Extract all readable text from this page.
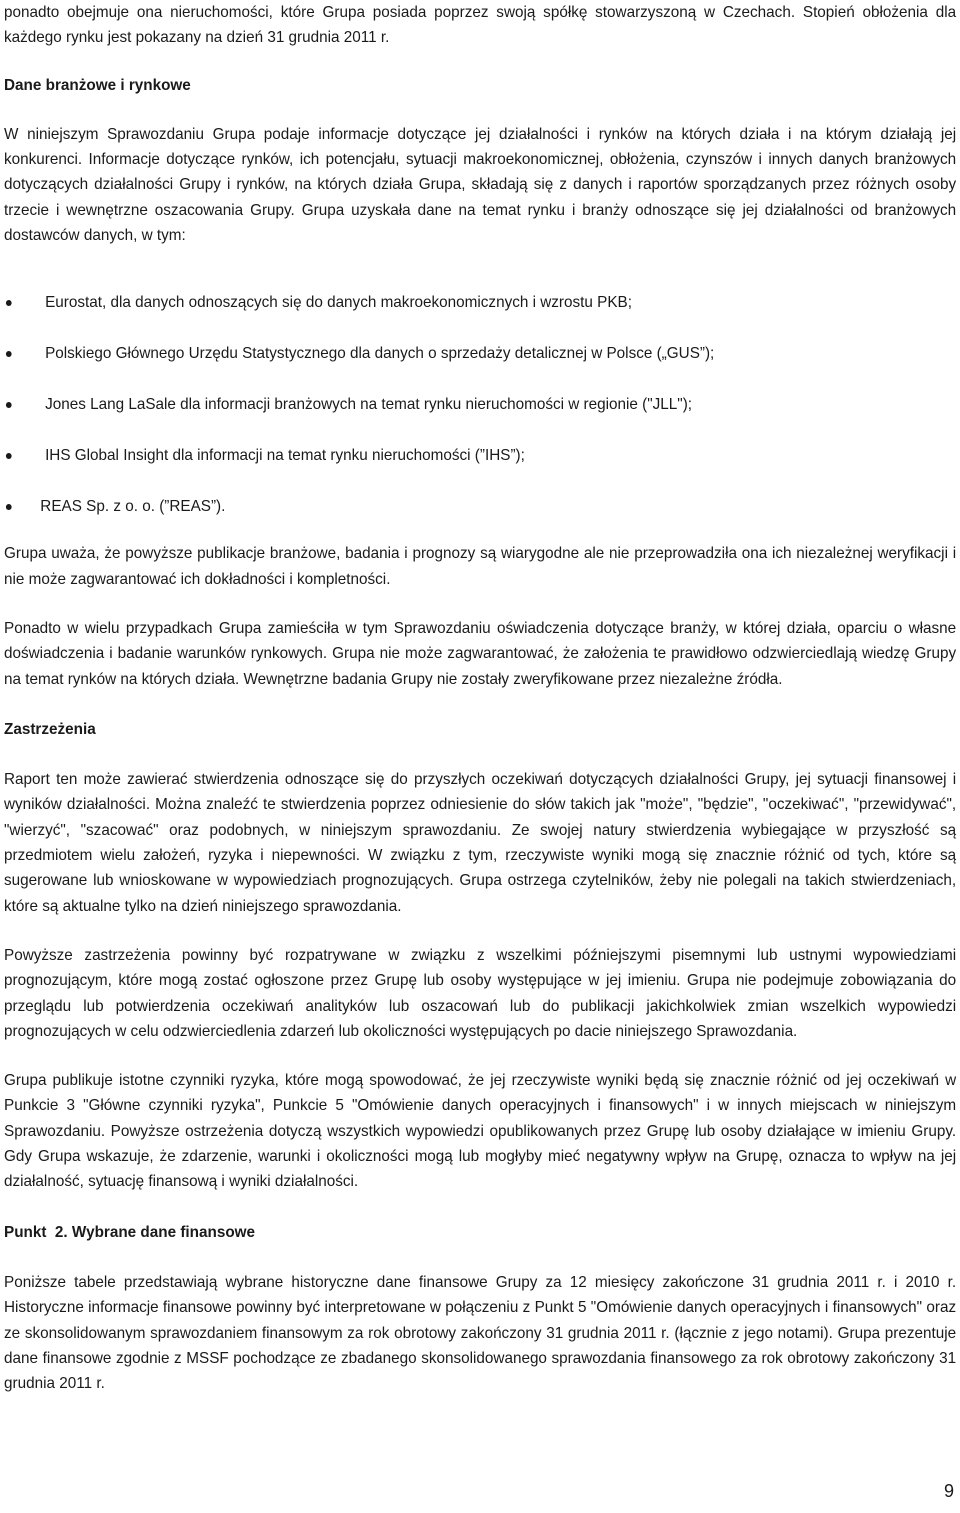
ponadto obejmuje ona nieruchomości, które Grupa posiada poprzez swoją spółkę stowarzyszoną w Czechach. Stopień obłożenia dla każdego rynku jest pokazany na dzień 31 grudnia 2011 r.

Dane branżowe i rynkowe

W niniejszym Sprawozdaniu Grupa podaje informacje dotyczące jej działalności i rynków na których działa i na którym działają jej konkurenci. Informacje dotyczące rynków, ich potencjału, sytuacji makroekonomicznej, obłożenia, czynszów i innych danych branżowych dotyczących działalności Grupy i rynków, na których działa Grupa, składają się z danych i raportów sporządzanych przez różnych osoby trzecie i wewnętrzne oszacowania Grupy. Grupa uzyskała dane na temat rynku i branży odnoszące się jej działalności od branżowych dostawców danych, w tym:

Eurostat, dla danych odnoszących się do danych makroekonomicznych i wzrostu PKB;
Polskiego Głównego Urzędu Statystycznego dla danych o sprzedaży detalicznej w Polsce („GUS”);
Jones Lang LaSale dla informacji branżowych na temat rynku nieruchomości w regionie ("JLL");
IHS Global Insight dla informacji na temat rynku nieruchomości (”IHS”);
REAS Sp. z o. o. (”REAS”).

Grupa uważa, że powyższe publikacje branżowe, badania i prognozy są wiarygodne ale nie przeprowadziła ona ich niezależnej weryfikacji i nie może zagwarantować ich dokładności i kompletności.

Ponadto w wielu przypadkach Grupa zamieściła w tym Sprawozdaniu oświadczenia dotyczące branży, w której działa, oparciu o własne doświadczenia i badanie warunków rynkowych. Grupa nie może zagwarantować, że założenia te prawidłowo odzwierciedlają wiedzę Grupy na temat rynków na których działa. Wewnętrzne badania Grupy nie zostały zweryfikowane przez niezależne źródła.

Zastrzeżenia

Raport ten może zawierać stwierdzenia odnoszące się do przyszłych oczekiwań dotyczących działalności Grupy, jej sytuacji finansowej i wyników działalności. Można znaleźć te stwierdzenia poprzez odniesienie do słów takich jak "może", "będzie", "oczekiwać", "przewidywać", "wierzyć", "szacować" oraz podobnych, w niniejszym sprawozdaniu. Ze swojej natury stwierdzenia wybiegające w przyszłość są przedmiotem wielu założeń, ryzyka i niepewności. W związku z tym, rzeczywiste wyniki mogą się znacznie różnić od tych, które są sugerowane lub wnioskowane w wypowiedziach prognozujących. Grupa ostrzega czytelników, żeby nie polegali na takich stwierdzeniach, które są aktualne tylko na dzień niniejszego sprawozdania.

Powyższe zastrzeżenia powinny być rozpatrywane w związku z wszelkimi późniejszymi pisemnymi lub ustnymi wypowiedziami prognozującym, które mogą zostać ogłoszone przez Grupę lub osoby występujące w jej imieniu. Grupa nie podejmuje zobowiązania do przeglądu lub potwierdzenia oczekiwań analityków lub oszacowań lub do publikacji jakichkolwiek zmian wszelkich wypowiedzi prognozujących w celu odzwierciedlenia zdarzeń lub okoliczności występujących po dacie niniejszego Sprawozdania.

Grupa publikuje istotne czynniki ryzyka, które mogą spowodować, że jej rzeczywiste wyniki będą się znacznie różnić od jej oczekiwań w Punkcie 3 "Główne czynniki ryzyka", Punkcie 5 "Omówienie danych operacyjnych i finansowych" i w innych miejscach w niniejszym Sprawozdaniu. Powyższe ostrzeżenia dotyczą wszystkich wypowiedzi opublikowanych przez Grupę lub osoby działające w imieniu Grupy. Gdy Grupa wskazuje, że zdarzenie, warunki i okoliczności mogą lub mogłyby mieć negatywny wpływ na Grupę, oznacza to wpływ na jej działalność, sytuację finansową i wyniki działalności.

Punkt  2. Wybrane dane finansowe

Poniższe tabele przedstawiają wybrane historyczne dane finansowe Grupy za 12 miesięcy zakończone 31 grudnia 2011 r. i 2010 r. Historyczne informacje finansowe powinny być interpretowane w połączeniu z Punkt 5 "Omówienie danych operacyjnych i finansowych" oraz ze skonsolidowanym sprawozdaniem finansowym za rok obrotowy zakończony 31 grudnia 2011 r. (łącznie z jego notami). Grupa prezentuje dane finansowe zgodnie z MSSF pochodzące ze zbadanego skonsolidowanego sprawozdania finansowego za rok obrotowy zakończony 31 grudnia 2011 r.

9
